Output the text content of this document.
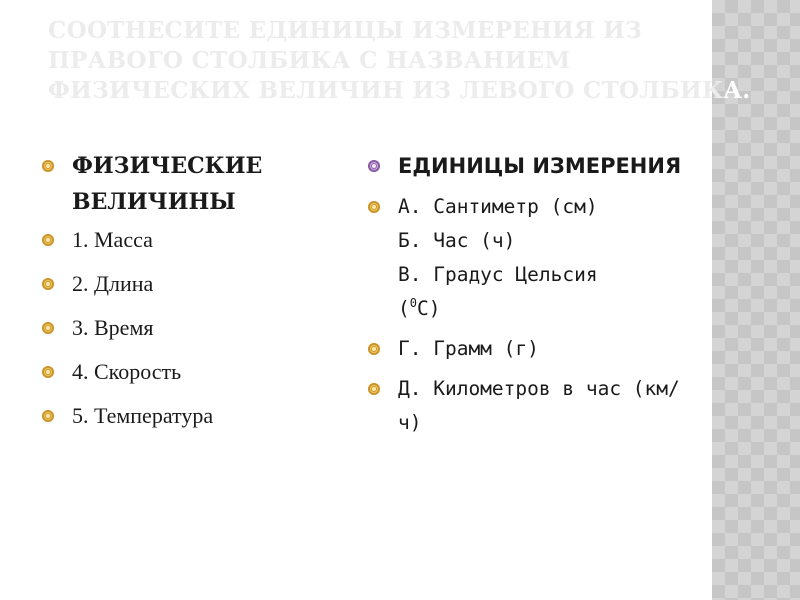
СООТНЕСИТЕ ЕДИНИЦЫ ИЗМЕРЕНИЯ ИЗ ПРАВОГО СТОЛБИКА С НАЗВАНИЕМ ФИЗИЧЕСКИХ ВЕЛИЧИН ИЗ ЛЕВОГО СТОЛБИКА.
ФИЗИЧЕСКИЕ ВЕЛИЧИНЫ
1. Масса
2. Длина
3. Время
4. Скорость
5. Температура
ЕДИНИЦЫ ИЗМЕРЕНИЯ
А. Сантиметр (см)
Б. Час (ч)
В. Градус Цельсия
($^0$С)
Г. Грамм (г)
Д. Километров в час (км/ч)
